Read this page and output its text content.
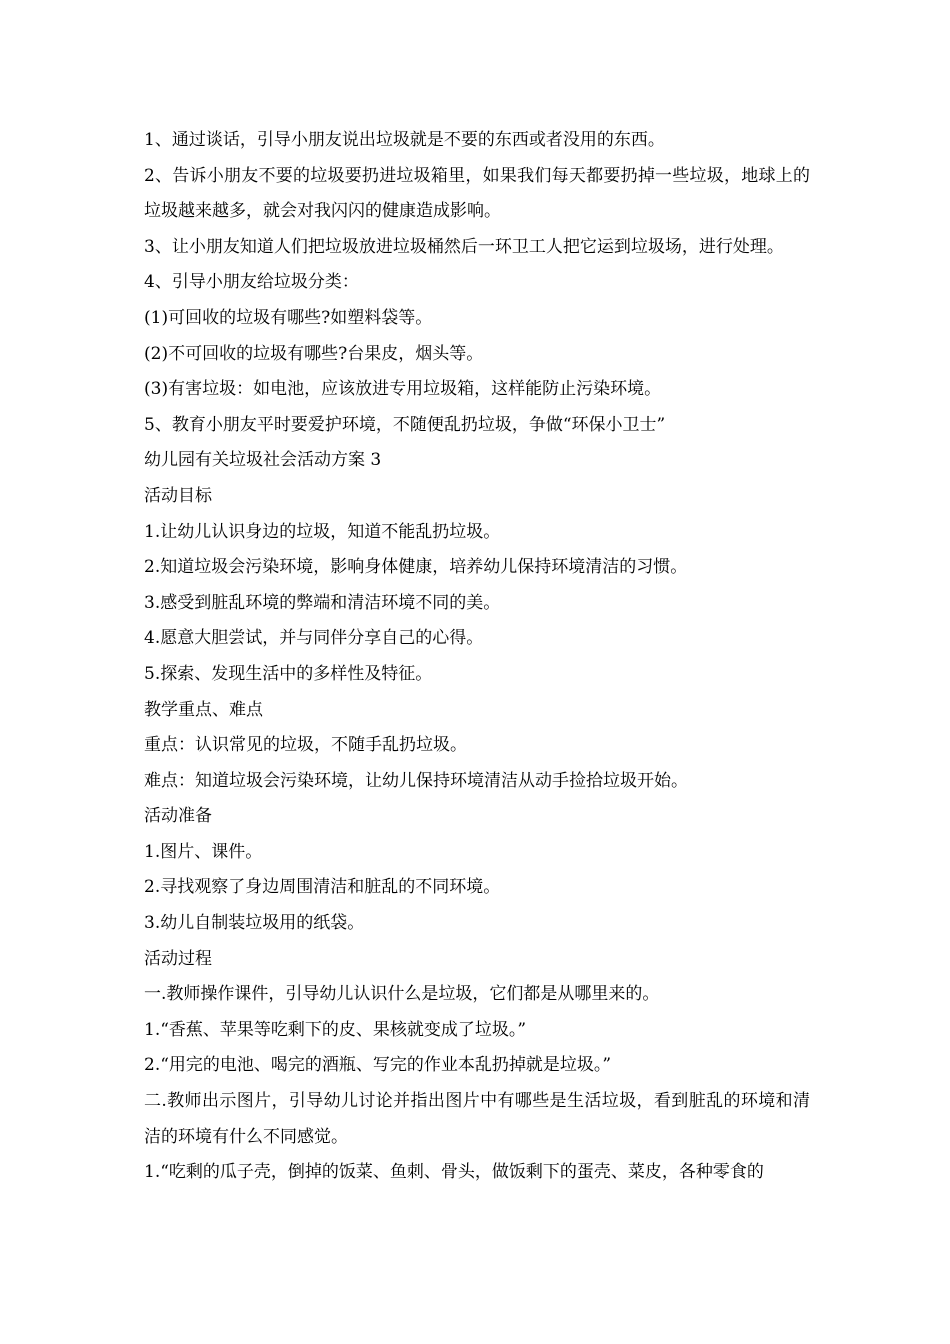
1、通过谈话，引导小朋友说出垃圾就是不要的东西或者没用的东西。

2、告诉小朋友不要的垃圾要扔进垃圾箱里，如果我们每天都要扔掉一些垃圾，地球上的垃圾越来越多，就会对我闪闪的健康造成影响。

3、让小朋友知道人们把垃圾放进垃圾桶然后一环卫工人把它运到垃圾场，进行处理。

4、引导小朋友给垃圾分类：

(1)可回收的垃圾有哪些?如塑料袋等。

(2)不可回收的垃圾有哪些?台果皮，烟头等。

(3)有害垃圾：如电池，应该放进专用垃圾箱，这样能防止污染环境。

5、教育小朋友平时要爱护环境，不随便乱扔垃圾，争做“环保小卫士”

幼儿园有关垃圾社会活动方案 3

活动目标

1.让幼儿认识身边的垃圾，知道不能乱扔垃圾。

2.知道垃圾会污染环境，影响身体健康，培养幼儿保持环境清洁的习惯。

3.感受到脏乱环境的弊端和清洁环境不同的美。

4.愿意大胆尝试，并与同伴分享自己的心得。

5.探索、发现生活中的多样性及特征。

教学重点、难点

重点：认识常见的垃圾，不随手乱扔垃圾。

难点：知道垃圾会污染环境，让幼儿保持环境清洁从动手捡拾垃圾开始。

活动准备

1.图片、课件。

2.寻找观察了身边周围清洁和脏乱的不同环境。

3.幼儿自制装垃圾用的纸袋。

活动过程

一.教师操作课件，引导幼儿认识什么是垃圾，它们都是从哪里来的。

1.“香蕉、苹果等吃剩下的皮、果核就变成了垃圾。”

2.“用完的电池、喝完的酒瓶、写完的作业本乱扔掉就是垃圾。”

二.教师出示图片，引导幼儿讨论并指出图片中有哪些是生活垃圾，看到脏乱的环境和清洁的环境有什么不同感觉。

1.“吃剩的瓜子壳，倒掉的饭菜、鱼刺、骨头，做饭剩下的蛋壳、菜皮，各种零食的
